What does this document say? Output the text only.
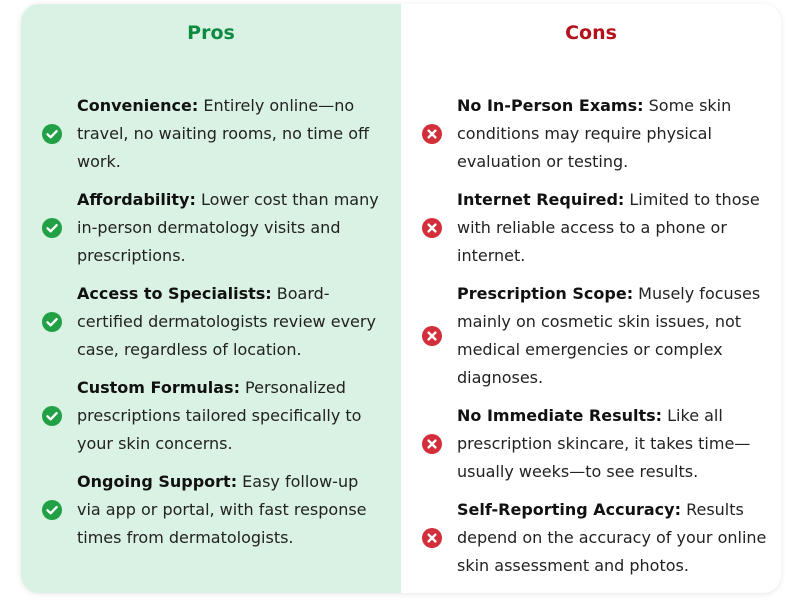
Pros
Convenience: Entirely online—no travel, no waiting rooms, no time off work.
Affordability: Lower cost than many in-person dermatology visits and prescriptions.
Access to Specialists: Board-certified dermatologists review every case, regardless of location.
Custom Formulas: Personalized prescriptions tailored specifically to your skin concerns.
Ongoing Support: Easy follow-up via app or portal, with fast response times from dermatologists.
Cons
No In-Person Exams: Some skin conditions may require physical evaluation or testing.
Internet Required: Limited to those with reliable access to a phone or internet.
Prescription Scope: Musely focuses mainly on cosmetic skin issues, not medical emergencies or complex diagnoses.
No Immediate Results: Like all prescription skincare, it takes time—usually weeks—to see results.
Self-Reporting Accuracy: Results depend on the accuracy of your online skin assessment and photos.
